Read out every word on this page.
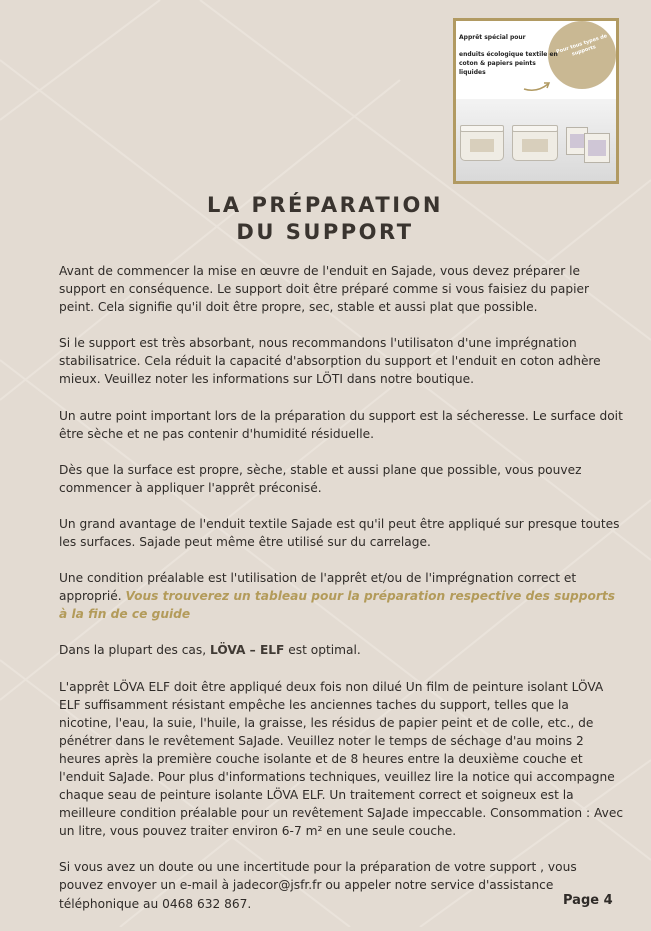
Pour tous types de supports
Apprêt spécial pour
enduits écologique textile en coton & papiers peints liquides
LA PRÉPARATION
DU SUPPORT

Avant de commencer la mise en œuvre de l'enduit en Sajade, vous devez préparer le support en conséquence. Le support doit être préparé comme si vous faisiez du papier peint. Cela signifie qu'il doit être propre, sec, stable et aussi plat que possible.

Si le support est très absorbant, nous recommandons l'utilisaton d'une imprégnation stabilisatrice. Cela réduit la capacité d'absorption du support et l'enduit en coton adhère mieux. Veuillez noter les informations sur LÖTI dans notre boutique.

Un autre point important lors de la préparation du support est la sécheresse. Le surface doit être sèche et ne pas contenir d'humidité résiduelle.

Dès que la surface est propre, sèche, stable et aussi plane que possible, vous pouvez commencer à appliquer l'apprêt préconisé.

Un grand avantage de l'enduit textile Sajade est qu'il peut être appliqué sur presque toutes les surfaces. Sajade peut même être utilisé sur du carrelage.

Une condition préalable est l'utilisation de l'apprêt et/ou de l'imprégnation correct et approprié. Vous trouverez un tableau pour la préparation respective des supports à la fin de ce guide

Dans la plupart des cas, LÖVA – ELF est optimal.

L'apprêt LÖVA ELF doit être appliqué deux fois non dilué Un film de peinture isolant LÖVA ELF suffisamment résistant empêche les anciennes taches du support, telles que la nicotine, l'eau, la suie, l'huile, la graisse, les résidus de papier peint et de colle, etc., de pénétrer dans le revêtement SaJade. Veuillez noter le temps de séchage d'au moins 2 heures après la première couche isolante et de 8 heures entre la deuxième couche et l'enduit SaJade. Pour plus d'informations techniques, veuillez lire la notice qui accompagne chaque seau de peinture isolante LÖVA ELF. Un traitement correct et soigneux est la meilleure condition préalable pour un revêtement SaJade impeccable. Consommation : Avec un litre, vous pouvez traiter environ 6-7 m² en une seule couche.

Si vous avez un doute ou une incertitude pour la préparation de votre support , vous pouvez envoyer un e-mail à jadecor@jsfr.fr ou appeler notre service d'assistance téléphonique au 0468 632 867.	Page 4
